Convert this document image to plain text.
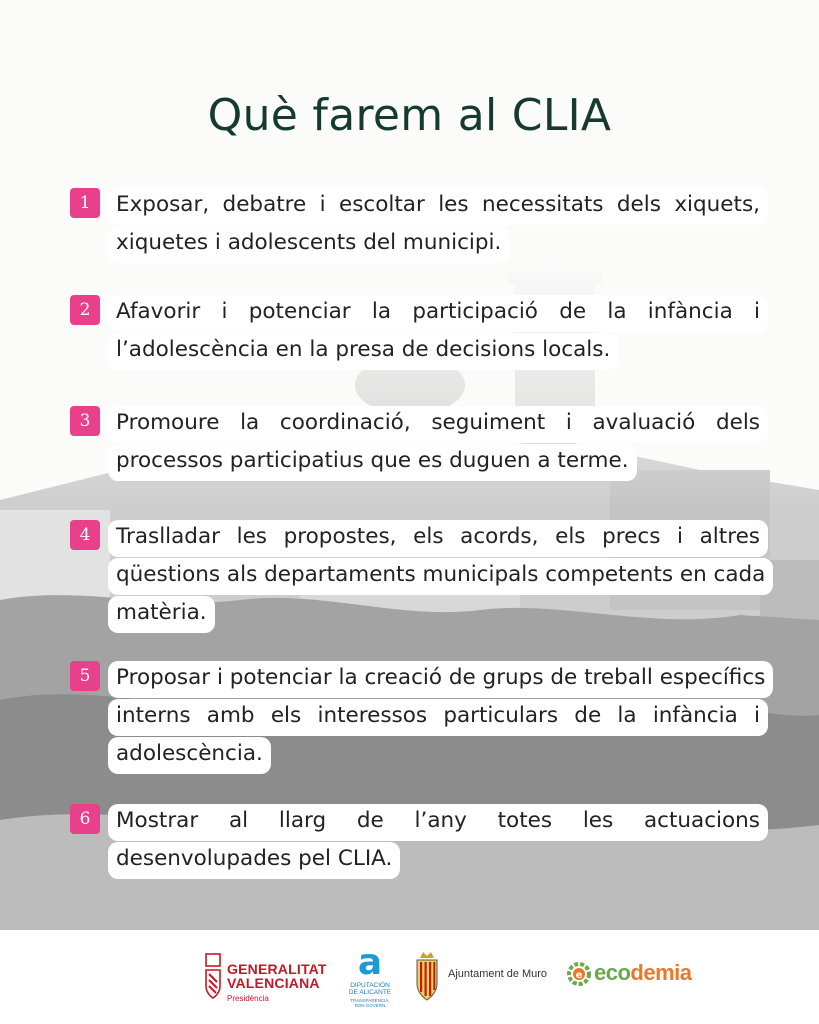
Què farem al CLIA
1	Exposar, debatre i escoltar les necessitats dels xiquets, xiquetes i adolescents del municipi.

2	Afavorir i potenciar la participació de la infància i l’adolescència en la presa de decisions locals.

3	Promoure la coordinació, seguiment i avaluació dels processos participatius que es duguen a terme.

4	Traslladar les propostes, els acords, els precs i altres qüestions als departaments municipals competents en cada matèria.

5	Proposar i potenciar la creació de grups de treball específics interns amb els interessos particulars de la infància i adolescència.

6	Mostrar al llarg de l’any totes les actuacions desenvolupades pel CLIA.

GENERALITAT
VALENCIANA
Presidència
a
DIPUTACIÓN
DE ALICANTE
TRANSPARÈNCIA,
BON GOVERN
Ajuntament de Muro	e ecodemia
